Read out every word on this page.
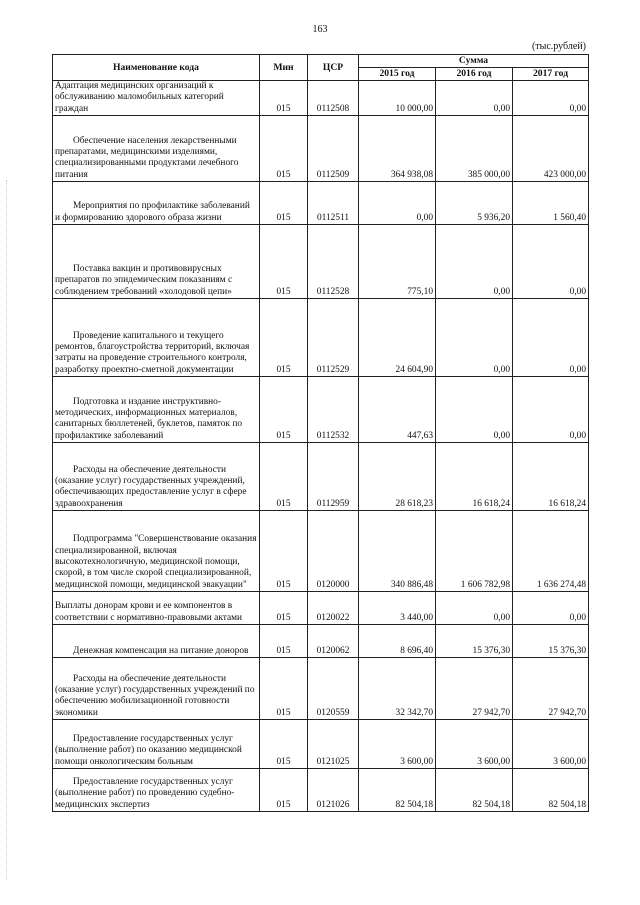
163
(тыс.рублей)
Наименование кода	Мин	ЦСР	Сумма		
			2015 год	2016 год	2017 год
Адаптация медицинских организаций к обслуживанию маломобильных категорий граждан	015	0112508	10 000,00	0,00	0,00
Обеспечение населения лекарственными препаратами, медицинскими изделиями, специализированными продуктами лечебного питания	015	0112509	364 938,08	385 000,00	423 000,00
Мероприятия по профилактике заболеваний и формированию здорового образа жизни	015	0112511	0,00	5 936,20	1 560,40
Поставка вакцин и противовирусных препаратов по эпидемическим показаниям с соблюдением требований «холодовой цепи»	015	0112528	775,10	0,00	0,00
Проведение капитального и текущего ремонтов, благоустройства территорий, включая затраты на проведение строительного контроля, разработку проектно-сметной документации	015	0112529	24 604,90	0,00	0,00
Подготовка и издание инструктивно-методических, информационных материалов, санитарных бюллетеней, буклетов, памяток по профилактике заболеваний	015	0112532	447,63	0,00	0,00
Расходы на обеспечение деятельности (оказание услуг) государственных учреждений, обеспечивающих предоставление услуг в сфере здравоохранения	015	0112959	28 618,23	16 618,24	16 618,24
Подпрограмма "Совершенствование оказания специализированной, включая высокотехнологичную, медицинской помощи, скорой, в том числе скорой специализированной, медицинской помощи, медицинской эвакуации"	015	0120000	340 886,48	1 606 782,98	1 636 274,48
Выплаты донорам крови и ее компонентов в соответствии с нормативно-правовыми актами	015	0120022	3 440,00	0,00	0,00
Денежная компенсация на питание доноров	015	0120062	8 696,40	15 376,30	15 376,30
Расходы на обеспечение деятельности (оказание услуг) государственных учреждений по обеспечению мобилизационной готовности экономики	015	0120559	32 342,70	27 942,70	27 942,70
Предоставление государственных услуг (выполнение работ) по оказанию медицинской помощи онкологическим больным	015	0121025	3 600,00	3 600,00	3 600,00
Предоставление государственных услуг (выполнение работ) по проведению судебно-медицинских экспертиз	015	0121026	82 504,18	82 504,18	82 504,18
